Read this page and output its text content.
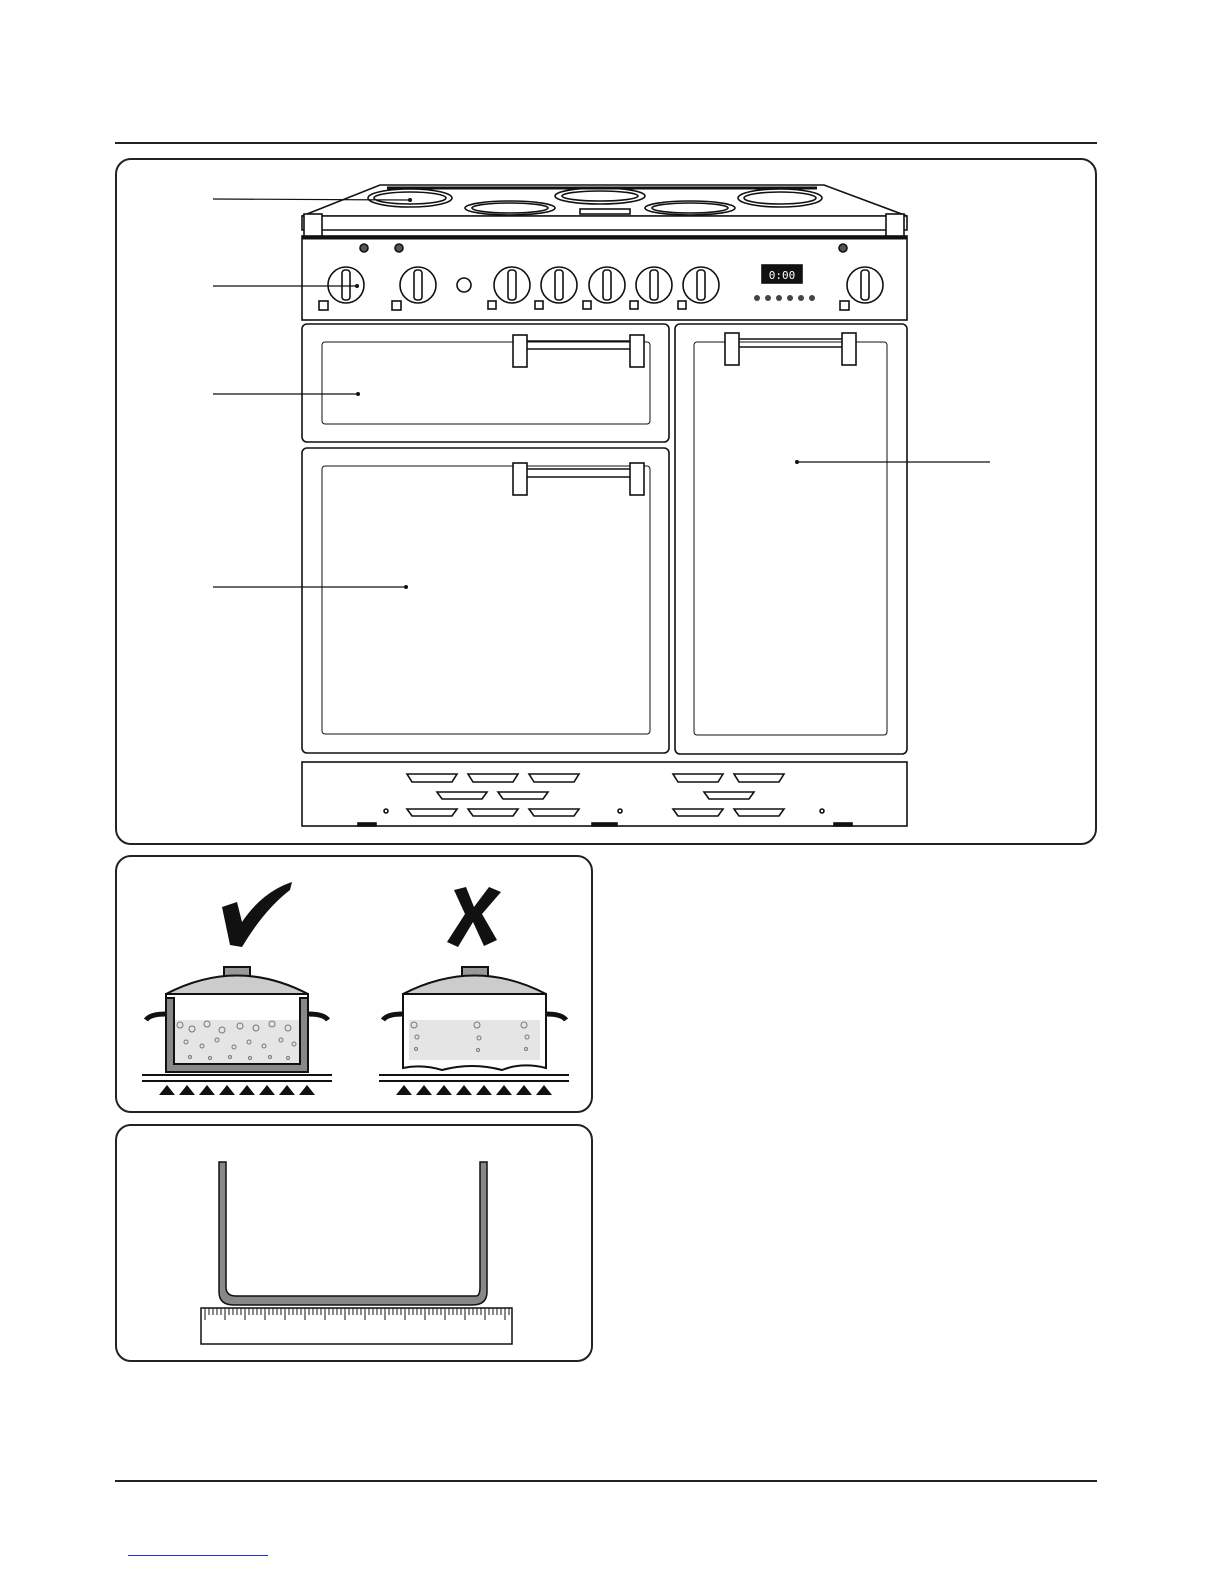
0:00
